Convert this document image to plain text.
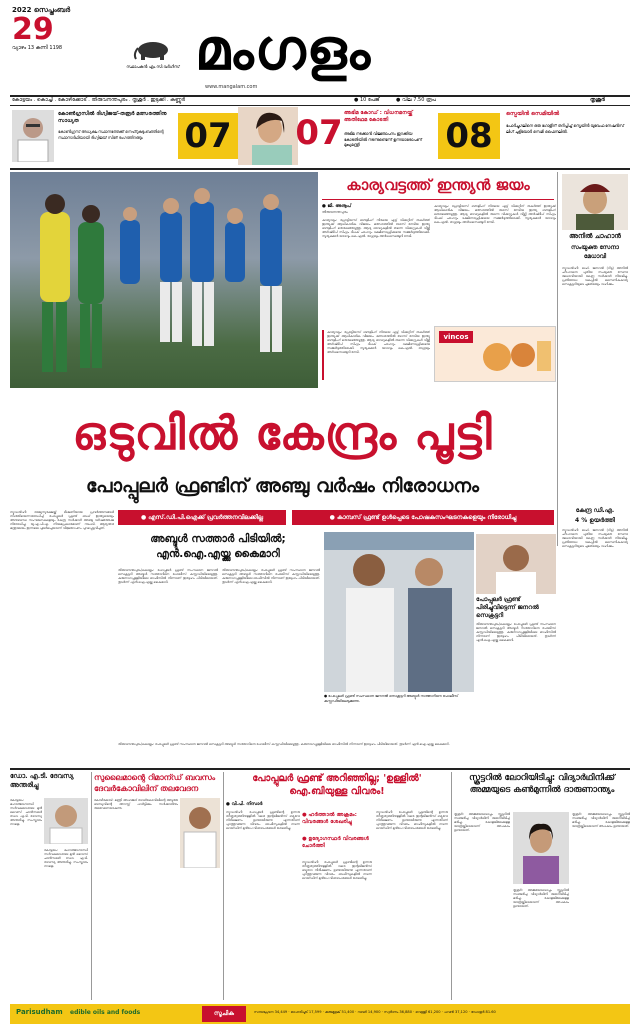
2022 സെപ്തംബർ
29
വ്യാഴം 13 കന്നി 1198
സ്ഥാപകൻ എം.സി.വർഗീസ് മംഗളം
www.mangalam.com
കോട്ടയം . കൊച്ചി . കോഴിക്കോട് . തിരുവനന്തപുരം . തൃശൂർ . ഇടുക്കി . കണ്ണൂർ	● 10 പേജ്	● വില 7.50 രൂപ	തൃശൂർ
കോൺഗ്രസിൽ ദിഗ്വിജയ്-തരൂർ മത്സരത്തിനു സാധ്യത
കോൺഗ്രസ് അധ്യക്ഷ സ്ഥാനത്തേക്ക് നെഹ്റുകുടുംബത്തിന്റെ സ്ഥാനാർഥിയായി ദിഗ്വിജയ് സിങ് രംഗത്തിറങ്ങും	07 07 അഭിമ കോഡ് : വിധനമനയ്ക്ക് അതിഥേമ കോടതി
അഭിമ നടക്കാൻ വിജ്ഞാപനം ഇറക്കിയ കോടതിയിൽ നടന്നുണ്ടെന്ന് ഉന്നയാരോപണ് മുഖ്യമന്ത്രി	08
സ്പെയിൻ സെമിയിൽ
പോർച്ചുഗലിനെ ഒരു ഗോളിന് തറിപ്പിച്ച് സ്പെയിൻ യുവേഫ നേഷൻസ് ലീഗ് ചുട്ടിയോർ സെമി ഫൈനലിൽ.
കാര്യവട്ടത്ത് ഇന്ത്യൻ ജയം
● ജി. അനൂപ്
തിരുവനന്തപുരം
കാര്യവട്ടം: പ്രോട്ടിയസ് ബൗളിംഗ് നിരയെ എട്ട് വിക്കറ്റിന് തകർത്ത് ഇന്ത്യക്ക് ആധികാരിക വിജയം. മത്സരത്തിൽ ടോസ് നേടിയ ഇന്ത്യ ബൗളിംഗ് തെരഞ്ഞെടുത്തു. ആദ്യ ഓവറുകളിൽ തന്നെ വിക്കറ്റുകൾ വീഴ്ത്തി അർഷ്ദീപ് സിംഗും ദീപക് ചാഹറും ദക്ഷിണാഫ്രിക്കയെ സമ്മർദ്ദത്തിലാക്കി. സൂര്യകുമാർ യാദവും കെ.എൽ. രാഹുലും അർധസെഞ്ചുറി നേടി.
കാര്യവട്ടം: പ്രോട്ടിയസ് ബൗളിംഗ് നിരയെ എട്ട് വിക്കറ്റിന് തകർത്ത് ഇന്ത്യക്ക് ആധികാരിക വിജയം. മത്സരത്തിൽ ടോസ് നേടിയ ഇന്ത്യ ബൗളിംഗ് തെരഞ്ഞെടുത്തു. ആദ്യ ഓവറുകളിൽ തന്നെ വിക്കറ്റുകൾ വീഴ്ത്തി അർഷ്ദീപ് സിംഗും ദീപക് ചാഹറും ദക്ഷിണാഫ്രിക്കയെ സമ്മർദ്ദത്തിലാക്കി. സൂര്യകുമാർ യാദവും കെ.എൽ. രാഹുലും അർധസെഞ്ചുറി നേടി.
കാര്യവട്ടം: പ്രോട്ടിയസ് ബൗളിംഗ് നിരയെ എട്ട് വിക്കറ്റിന് തകർത്ത് ഇന്ത്യക്ക് ആധികാരിക വിജയം. മത്സരത്തിൽ ടോസ് നേടിയ ഇന്ത്യ ബൗളിംഗ് തെരഞ്ഞെടുത്തു. ആദ്യ ഓവറുകളിൽ തന്നെ വിക്കറ്റുകൾ വീഴ്ത്തി അർഷ്ദീപ് സിംഗും ദീപക് ചാഹറും ദക്ഷിണാഫ്രിക്കയെ സമ്മർദ്ദത്തിലാക്കി. സൂര്യകുമാർ യാദവും കെ.എൽ. രാഹുലും അർധസെഞ്ചുറി നേടി.
vincos
അനിൽ ചാഹാൻ
സംയുക്ത സേനാ മേധാവി
ന്യൂഡൽഹി: ലഫ്. ജനറൽ (റിട്ട) അനിൽ ചൗഹാനെ പുതിയ സംയുക്ത സേനാ മേധാവിയായി കേന്ദ്ര സർക്കാർ നിയമിച്ചു. പ്രതിരോധ വകുപ്പിൽ സൈനികകാര്യ സെക്രട്ടറിയുടെ ചുമതലയും വഹിക്കും.
കേന്ദ്ര ഡി.എ.
4 % ഉയർത്തി
ന്യൂഡൽഹി: ലഫ്. ജനറൽ (റിട്ട) അനിൽ ചൗഹാനെ പുതിയ സംയുക്ത സേനാ മേധാവിയായി കേന്ദ്ര സർക്കാർ നിയമിച്ചു. പ്രതിരോധ വകുപ്പിൽ സൈനികകാര്യ സെക്രട്ടറിയുടെ ചുമതലയും വഹിക്കും.
ഒടുവിൽ കേന്ദ്രം പൂട്ടി
പോപ്പുലർ ഫ്രണ്ടിന് അഞ്ചു വർഷം നിരോധനം
● എസ്.ഡി.പി.ഐക്ക് പ്രവർത്തനവിലക്കില്ല	● കാമ്പസ് ഫ്രണ്ട് ഉൾപ്പെടെ പോഷകസംഘടനകളെയും നിരോധിച്ചു
ന്യൂഡൽഹി: രാജ്യസുരക്ഷയ്ക്ക് ഭീഷണിയായ പ്രവർത്തനങ്ങൾ നടത്തിയെന്നാരോപിച്ച് പോപ്പുലർ ഫ്രണ്ട് ഓഫ് ഇന്ത്യയെയും അനുബന്ധ സംഘടനകളെയും കേന്ദ്ര സർക്കാർ അഞ്ചു വർഷത്തേക്കു നിരോധിച്ചു. യു.എ.പി.എ. നിയമപ്രകാരമാണ് നടപടി. ആഭ്യന്തര മന്ത്രാലയം ഇന്നലെ പുലർച്ചെയാണ് വിജ്ഞാപനം പുറപ്പെടുവിച്ചത്.
അബ്ദുൾ സത്താർ പിടിയിൽ; എൻ.ഐ.എയ്ക്കു കൈമാറി
തിരുവനന്തപുരം/കൊല്ലം: പോപ്പുലർ ഫ്രണ്ട് സംസ്ഥാന ജനറൽ സെക്രട്ടറി അബ്ദുൾ സത്താറിനെ പോലീസ് കസ്റ്റഡിയിലെടുത്തു. കരുനാഗപ്പള്ളിയിലെ ഓഫീസിൽ നിന്നാണ് ഇദ്ദേഹം പിടിയിലായത്. തുടർന്ന് എൻ.ഐ.എയ്ക്കു കൈമാറി.
തിരുവനന്തപുരം/കൊല്ലം: പോപ്പുലർ ഫ്രണ്ട് സംസ്ഥാന ജനറൽ സെക്രട്ടറി അബ്ദുൾ സത്താറിനെ പോലീസ് കസ്റ്റഡിയിലെടുത്തു. കരുനാഗപ്പള്ളിയിലെ ഓഫീസിൽ നിന്നാണ് ഇദ്ദേഹം പിടിയിലായത്. തുടർന്ന് എൻ.ഐ.എയ്ക്കു കൈമാറി.
പോപ്പുലർ ഫ്രണ്ട് പിരിച്ചുവിട്ടെന്ന് ജനറൽ സെക്രട്ടറി
● പോപ്പുലർ ഫ്രണ്ട് സംസ്ഥാന ജനറൽ സെക്രട്ടറി അബ്ദുൾ സത്താറിനെ പോലീസ് കസ്റ്റഡിയിലെടുക്കുന്നു.
തിരുവനന്തപുരം/കൊല്ലം: പോപ്പുലർ ഫ്രണ്ട് സംസ്ഥാന ജനറൽ സെക്രട്ടറി അബ്ദുൾ സത്താറിനെ പോലീസ് കസ്റ്റഡിയിലെടുത്തു. കരുനാഗപ്പള്ളിയിലെ ഓഫീസിൽ നിന്നാണ് ഇദ്ദേഹം പിടിയിലായത്. തുടർന്ന് എൻ.ഐ.എയ്ക്കു കൈമാറി.
തിരുവനന്തപുരം/കൊല്ലം: പോപ്പുലർ ഫ്രണ്ട് സംസ്ഥാന ജനറൽ സെക്രട്ടറി അബ്ദുൾ സത്താറിനെ പോലീസ് കസ്റ്റഡിയിലെടുത്തു. കരുനാഗപ്പള്ളിയിലെ ഓഫീസിൽ നിന്നാണ് ഇദ്ദേഹം പിടിയിലായത്. തുടർന്ന് എൻ.ഐ.എയ്ക്കു കൈമാറി.
ഡോ. എ.ടി. ദേവസ്യ അന്തരിച്ചു
കോട്ടയം: മഹാത്മാഗാന്ധി സർവകലാശാല മുൻ വൈസ് ചാൻസലർ ഡോ. എ.ടി. ദേവസ്യ അന്തരിച്ചു. സംസ്കാരം നാളെ.
കോട്ടയം: മഹാത്മാഗാന്ധി സർവകലാശാല മുൻ വൈസ് ചാൻസലർ ഡോ. എ.ടി. ദേവസ്യ അന്തരിച്ചു. സംസ്കാരം നാളെ.
സുലൈമാന്റെ റിമാന്ഡ് ബവസം ദേവർകോവിലിന് തലവേദന
കോഴിക്കോട്: മന്ത്രി അഹമ്മദ് ദേവർകോവിലിന്റെ അടുത്ത ബന്ധുവിന്റെ അറസ്റ്റ് പാർട്ടിക്കും സർക്കാരിനും തലവേദനയാകുന്നു.
പോപ്പുലർ ഫ്രണ്ട് അറിഞ്ഞില്ല; 'ഉള്ളിൽ' ഐ.ബിയുള്ള വിവരം!
● വി.പി. നിസാർ
ന്യൂഡൽഹി: പോപ്പുലർ ഫ്രണ്ടിന്റെ ഉന്നത നേതൃത്വത്തിനുള്ളിൽ വരെ ഇന്റലിജൻസ് ബ്യൂറോ നിരീക്ഷണം ഉണ്ടായിരുന്നു എന്നതാണ് പുറത്തുവരുന്ന വിവരം. ഓഫീസുകളിൽ നടന്ന റെയ്ഡിന് മുൻപേ വിശദാംശങ്ങൾ ശേഖരിച്ചു.
● ഹർത്താൽ അക്രമം: വിവരങ്ങൾ ശേഖരിച്ചു
● ഉദ്യോഗസ്ഥർ വിവരങ്ങൾ ചോർത്തി
ന്യൂഡൽഹി: പോപ്പുലർ ഫ്രണ്ടിന്റെ ഉന്നത നേതൃത്വത്തിനുള്ളിൽ വരെ ഇന്റലിജൻസ് ബ്യൂറോ നിരീക്ഷണം ഉണ്ടായിരുന്നു എന്നതാണ് പുറത്തുവരുന്ന വിവരം. ഓഫീസുകളിൽ നടന്ന റെയ്ഡിന് മുൻപേ വിശദാംശങ്ങൾ ശേഖരിച്ചു.
ന്യൂഡൽഹി: പോപ്പുലർ ഫ്രണ്ടിന്റെ ഉന്നത നേതൃത്വത്തിനുള്ളിൽ വരെ ഇന്റലിജൻസ് ബ്യൂറോ നിരീക്ഷണം ഉണ്ടായിരുന്നു എന്നതാണ് പുറത്തുവരുന്ന വിവരം. ഓഫീസുകളിൽ നടന്ന റെയ്ഡിന് മുൻപേ വിശദാംശങ്ങൾ ശേഖരിച്ചു.
സ്കൂട്ടറിൽ ലോറിയിടിച്ചു: വിദ്യാർഥിനിക്ക് അമ്മയുടെ കൺമുന്നിൽ ദാരുണാന്ത്യം
തൃശൂർ: അമ്മയോടൊപ്പം സ്കൂട്ടറിൽ സഞ്ചരിച്ച വിദ്യാർഥിനി ലോറിയിടിച്ച് മരിച്ചു. കോളജിലേക്കുള്ള യാത്രയ്ക്കിടെയാണ് അപകടം ഉണ്ടായത്.
തൃശൂർ: അമ്മയോടൊപ്പം സ്കൂട്ടറിൽ സഞ്ചരിച്ച വിദ്യാർഥിനി ലോറിയിടിച്ച് മരിച്ചു. കോളജിലേക്കുള്ള യാത്രയ്ക്കിടെയാണ് അപകടം ഉണ്ടായത്.
തൃശൂർ: അമ്മയോടൊപ്പം സ്കൂട്ടറിൽ സഞ്ചരിച്ച വിദ്യാർഥിനി ലോറിയിടിച്ച് മരിച്ചു. കോളജിലേക്കുള്ള യാത്രയ്ക്കിടെയാണ് അപകടം ഉണ്ടായത്.
Parisudham edible oils and foods	സൂചിക	സമ്പദ്ഘടന 34,449 · ഓഹരിചൂട് 17,599 · കുരുമുളക് 51,400 · റബർ 14,900 · സ്വർണം 36,880 · വെള്ളി 61,200 · പവൻ 37,120 · ഡോളർ 81.60
